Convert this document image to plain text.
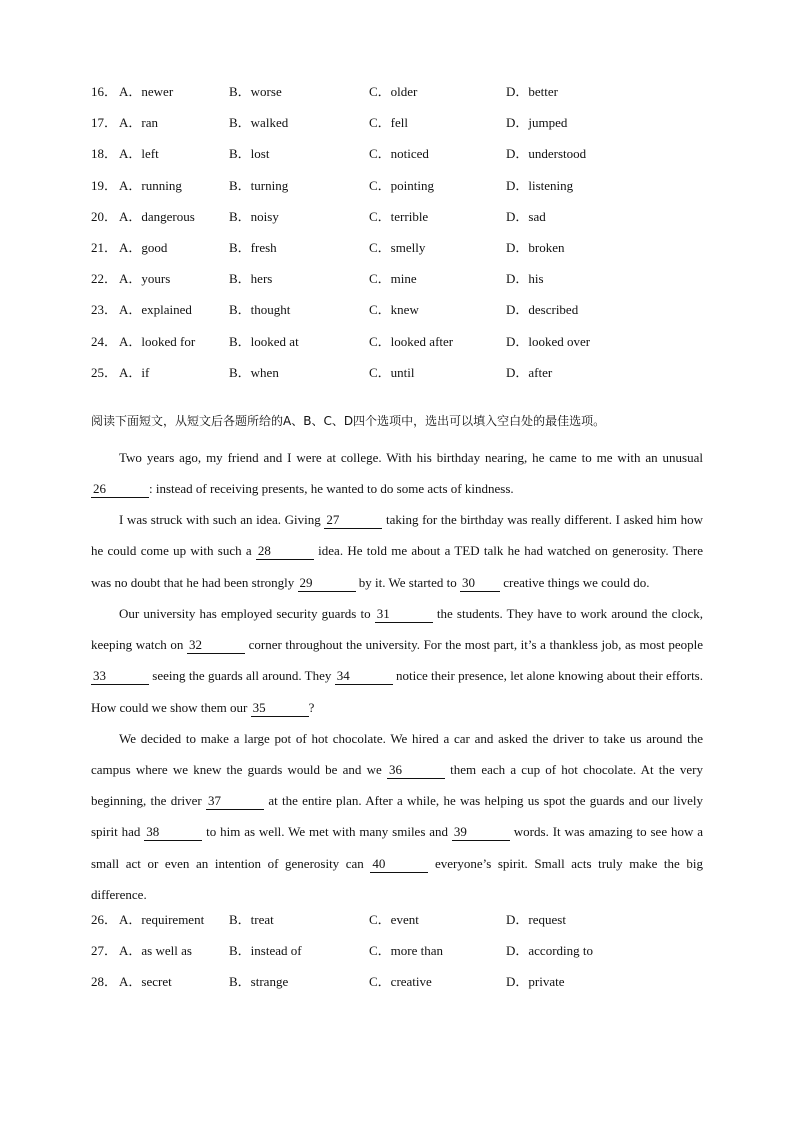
16． A．newer	B．worse	C．older	D．better
17． A．ran	B．walked	C．fell	D．jumped
18． A．left	B．lost	C．noticed	D．understood
19． A．running	B．turning	C．pointing	D．listening
20． A．dangerous	B．noisy	C．terrible	D．sad
21． A．good	B．fresh	C．smelly	D．broken
22． A．yours	B．hers	C．mine	D．his
23． A．explained	B．thought	C．knew	D．described
24． A．looked for	B．looked at	C．looked after	D．looked over
25． A．if	B．when	C．until	D．after
阅读下面短文，从短文后各题所给的A、B、C、D四个选项中，选出可以填入空白处的最佳选项。

Two years ago, my friend and I were at college. With his birthday nearing, he came to me with an unusual 26	: instead of receiving presents, he wanted to do some acts of kindness.

I was struck with such an idea. Giving 27	taking for the birthday was really different. I asked him how he could come up with such a 28	idea. He told me about a TED talk he had watched on generosity. There was no doubt that he had been strongly 29	by it. We started to 30 creative things we could do.

Our university has employed security guards to 31	the students. They have to work around the clock, keeping watch on 32	corner throughout the university. For the most part, it’s a thankless job, as most people 33	seeing the guards all around. They 34	notice their presence, let alone knowing about their efforts. How could we show them our 35	?

We decided to make a large pot of hot chocolate. We hired a car and asked the driver to take us around the campus where we knew the guards would be and we 36	them each a cup of hot chocolate. At the very beginning, the driver 37	at the entire plan. After a while, he was helping us spot the guards and our lively spirit had 38	to him as well. We met with many smiles and 39	words. It was amazing to see how a small act or even an intention of generosity can 40	everyone’s spirit. Small acts truly make the big difference.

26． A．requirement B．treat	C．event	D．request
27． A．as well as	B．instead of	C．more than	D．according to
28． A．secret	B．strange	C．creative	D．private
